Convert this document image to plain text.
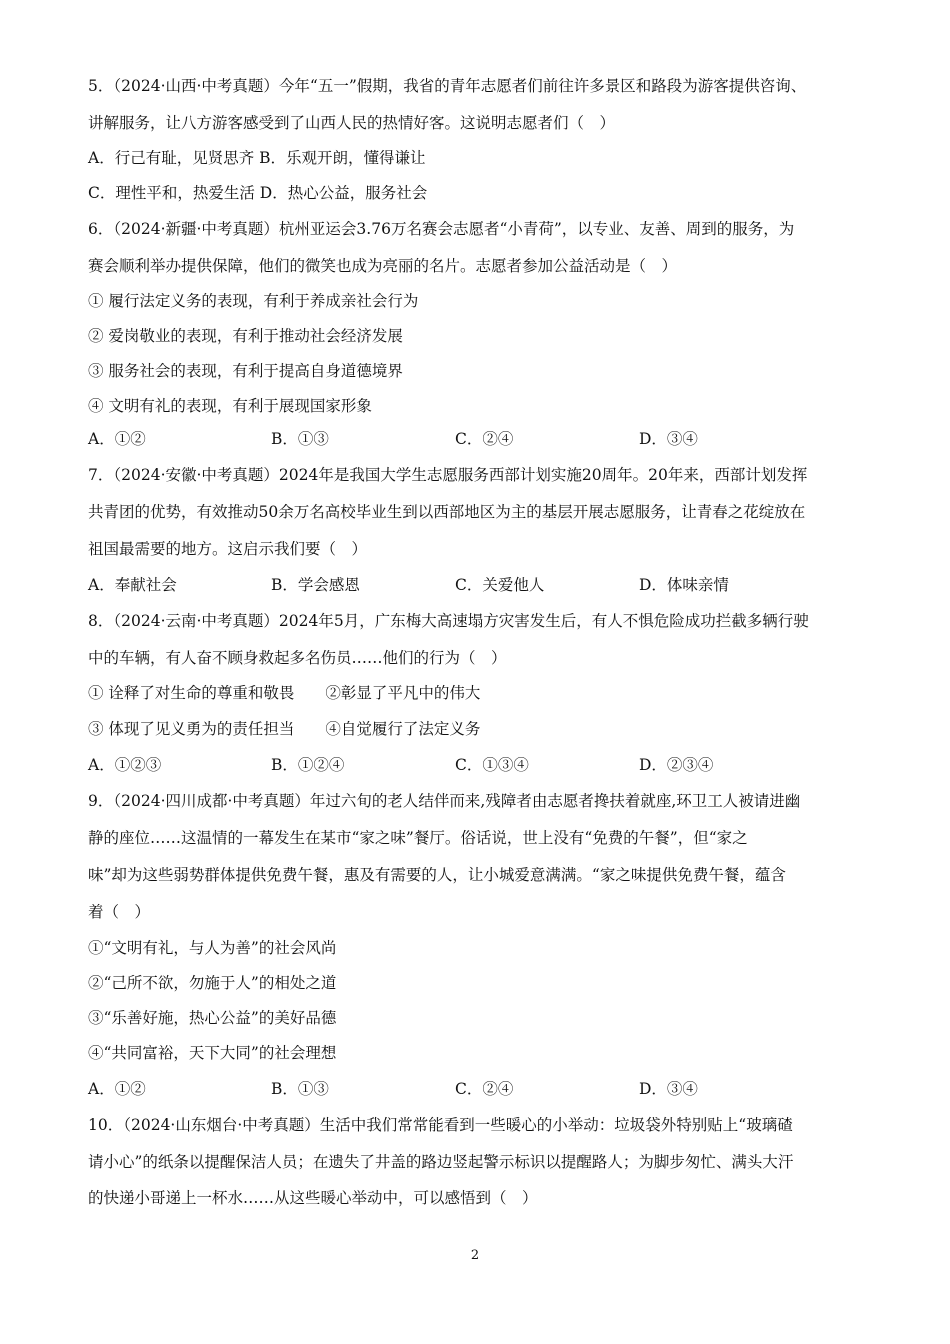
5．（2024·山西·中考真题）今年“五一”假期，我省的青年志愿者们前往许多景区和路段为游客提供咨询、
讲解服务，让八方游客感受到了山西人民的热情好客。这说明志愿者们（　）
A．行己有耻，见贤思齐 B．乐观开朗，懂得谦让
C．理性平和，热爱生活 D．热心公益，服务社会
6．（2024·新疆·中考真题）杭州亚运会3.76万名赛会志愿者“小青荷”，以专业、友善、周到的服务，为
赛会顺利举办提供保障，他们的微笑也成为亮丽的名片。志愿者参加公益活动是（　）
① 履行法定义务的表现，有利于养成亲社会行为
② 爱岗敬业的表现，有利于推动社会经济发展
③ 服务社会的表现，有利于提高自身道德境界
④ 文明有礼的表现，有利于展现国家形象
A．①②	B．①③	C．②④	D．③④
7．（2024·安徽·中考真题）2024年是我国大学生志愿服务西部计划实施20周年。20年来，西部计划发挥
共青团的优势，有效推动50余万名高校毕业生到以西部地区为主的基层开展志愿服务，让青春之花绽放在
祖国最需要的地方。这启示我们要（　）
A．奉献社会	B．学会感恩	C．关爱他人	D．体味亲情
8．（2024·云南·中考真题）2024年5月，广东梅大高速塌方灾害发生后，有人不惧危险成功拦截多辆行驶
中的车辆，有人奋不顾身救起多名伤员……他们的行为（　）
① 诠释了对生命的尊重和敬畏　　②彰显了平凡中的伟大
③ 体现了见义勇为的责任担当　　④自觉履行了法定义务
A．①②③	B．①②④	C．①③④	D．②③④
9．（2024·四川成都·中考真题）年过六旬的老人结伴而来,残障者由志愿者搀扶着就座,环卫工人被请进幽
静的座位……这温情的一幕发生在某市“家之味”餐厅。俗话说，世上没有“免费的午餐”，但“家之
味”却为这些弱势群体提供免费午餐，惠及有需要的人，让小城爱意满满。“家之味提供免费午餐，蕴含
着（　）
①“文明有礼，与人为善”的社会风尚
②“己所不欲，勿施于人”的相处之道
③“乐善好施，热心公益”的美好品德
④“共同富裕，天下大同”的社会理想
A．①②	B．①③	C．②④	D．③④
10．（2024·山东烟台·中考真题）生活中我们常常能看到一些暖心的小举动：垃圾袋外特别贴上“玻璃碴
请小心”的纸条以提醒保洁人员；在遗失了井盖的路边竖起警示标识以提醒路人；为脚步匆忙、满头大汗
的快递小哥递上一杯水……从这些暖心举动中，可以感悟到（　）
2
